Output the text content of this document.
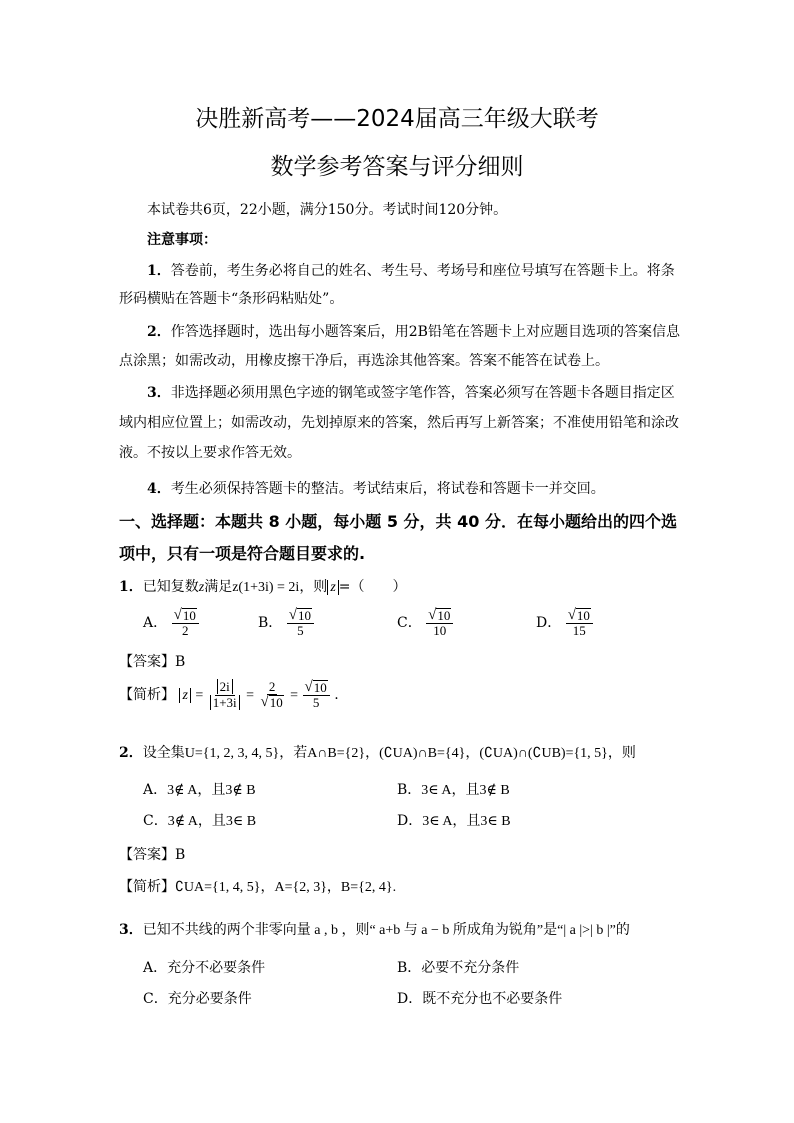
决胜新高考——2024届高三年级大联考
数学参考答案与评分细则
本试卷共6页，22小题，满分150分。考试时间120分钟。
注意事项：
1．答卷前，考生务必将自己的姓名、考生号、考场号和座位号填写在答题卡上。将条
形码横贴在答题卡“条形码粘贴处”。
2．作答选择题时，选出每小题答案后，用2B铅笔在答题卡上对应题目选项的答案信息
点涂黑；如需改动，用橡皮擦干净后，再选涂其他答案。答案不能答在试卷上。
3．非选择题必须用黑色字迹的钢笔或签字笔作答，答案必须写在答题卡各题目指定区
域内相应位置上；如需改动，先划掉原来的答案，然后再写上新答案；不准使用铅笔和涂改
液。不按以上要求作答无效。
4．考生必须保持答题卡的整洁。考试结束后，将试卷和答题卡一并交回。
一、选择题：本题共 8 小题，每小题 5 分，共 40 分．在每小题给出的四个选
项中，只有一项是符合题目要求的.
1．已知复数z满足z(1+3i) = 2i，则 z =（　　）
A． $\frac{√ 10}{2}$	B． $\frac{√ 10}{5}$	C． $\frac{√ 10}{10}$	D． $\frac{√ 10}{15}$
【答案】B
【简析】 $z = \frac{2i}{1+3i} = \frac{2}{√ 10} = \frac{√ 10}{5}$ .
2．设全集U={1, 2, 3, 4, 5}，若A∩B={2}，(∁UA)∩B={4}，(∁UA)∩(∁UB)={1, 5}，则
A．3∉ A，且3∉ B	B．3∈ A，且3∉ B
C．3∉ A，且3∈ B	D．3∈ A，且3∈ B
【答案】B
【简析】∁UA={1, 4, 5}，A={2, 3}，B={2, 4}.
3．已知不共线的两个非零向量 a , b ，则“ a+b 与 a − b 所成角为锐角”是“| a |>| b |”的
A．充分不必要条件	B．必要不充分条件
C．充分必要条件	D．既不充分也不必要条件
